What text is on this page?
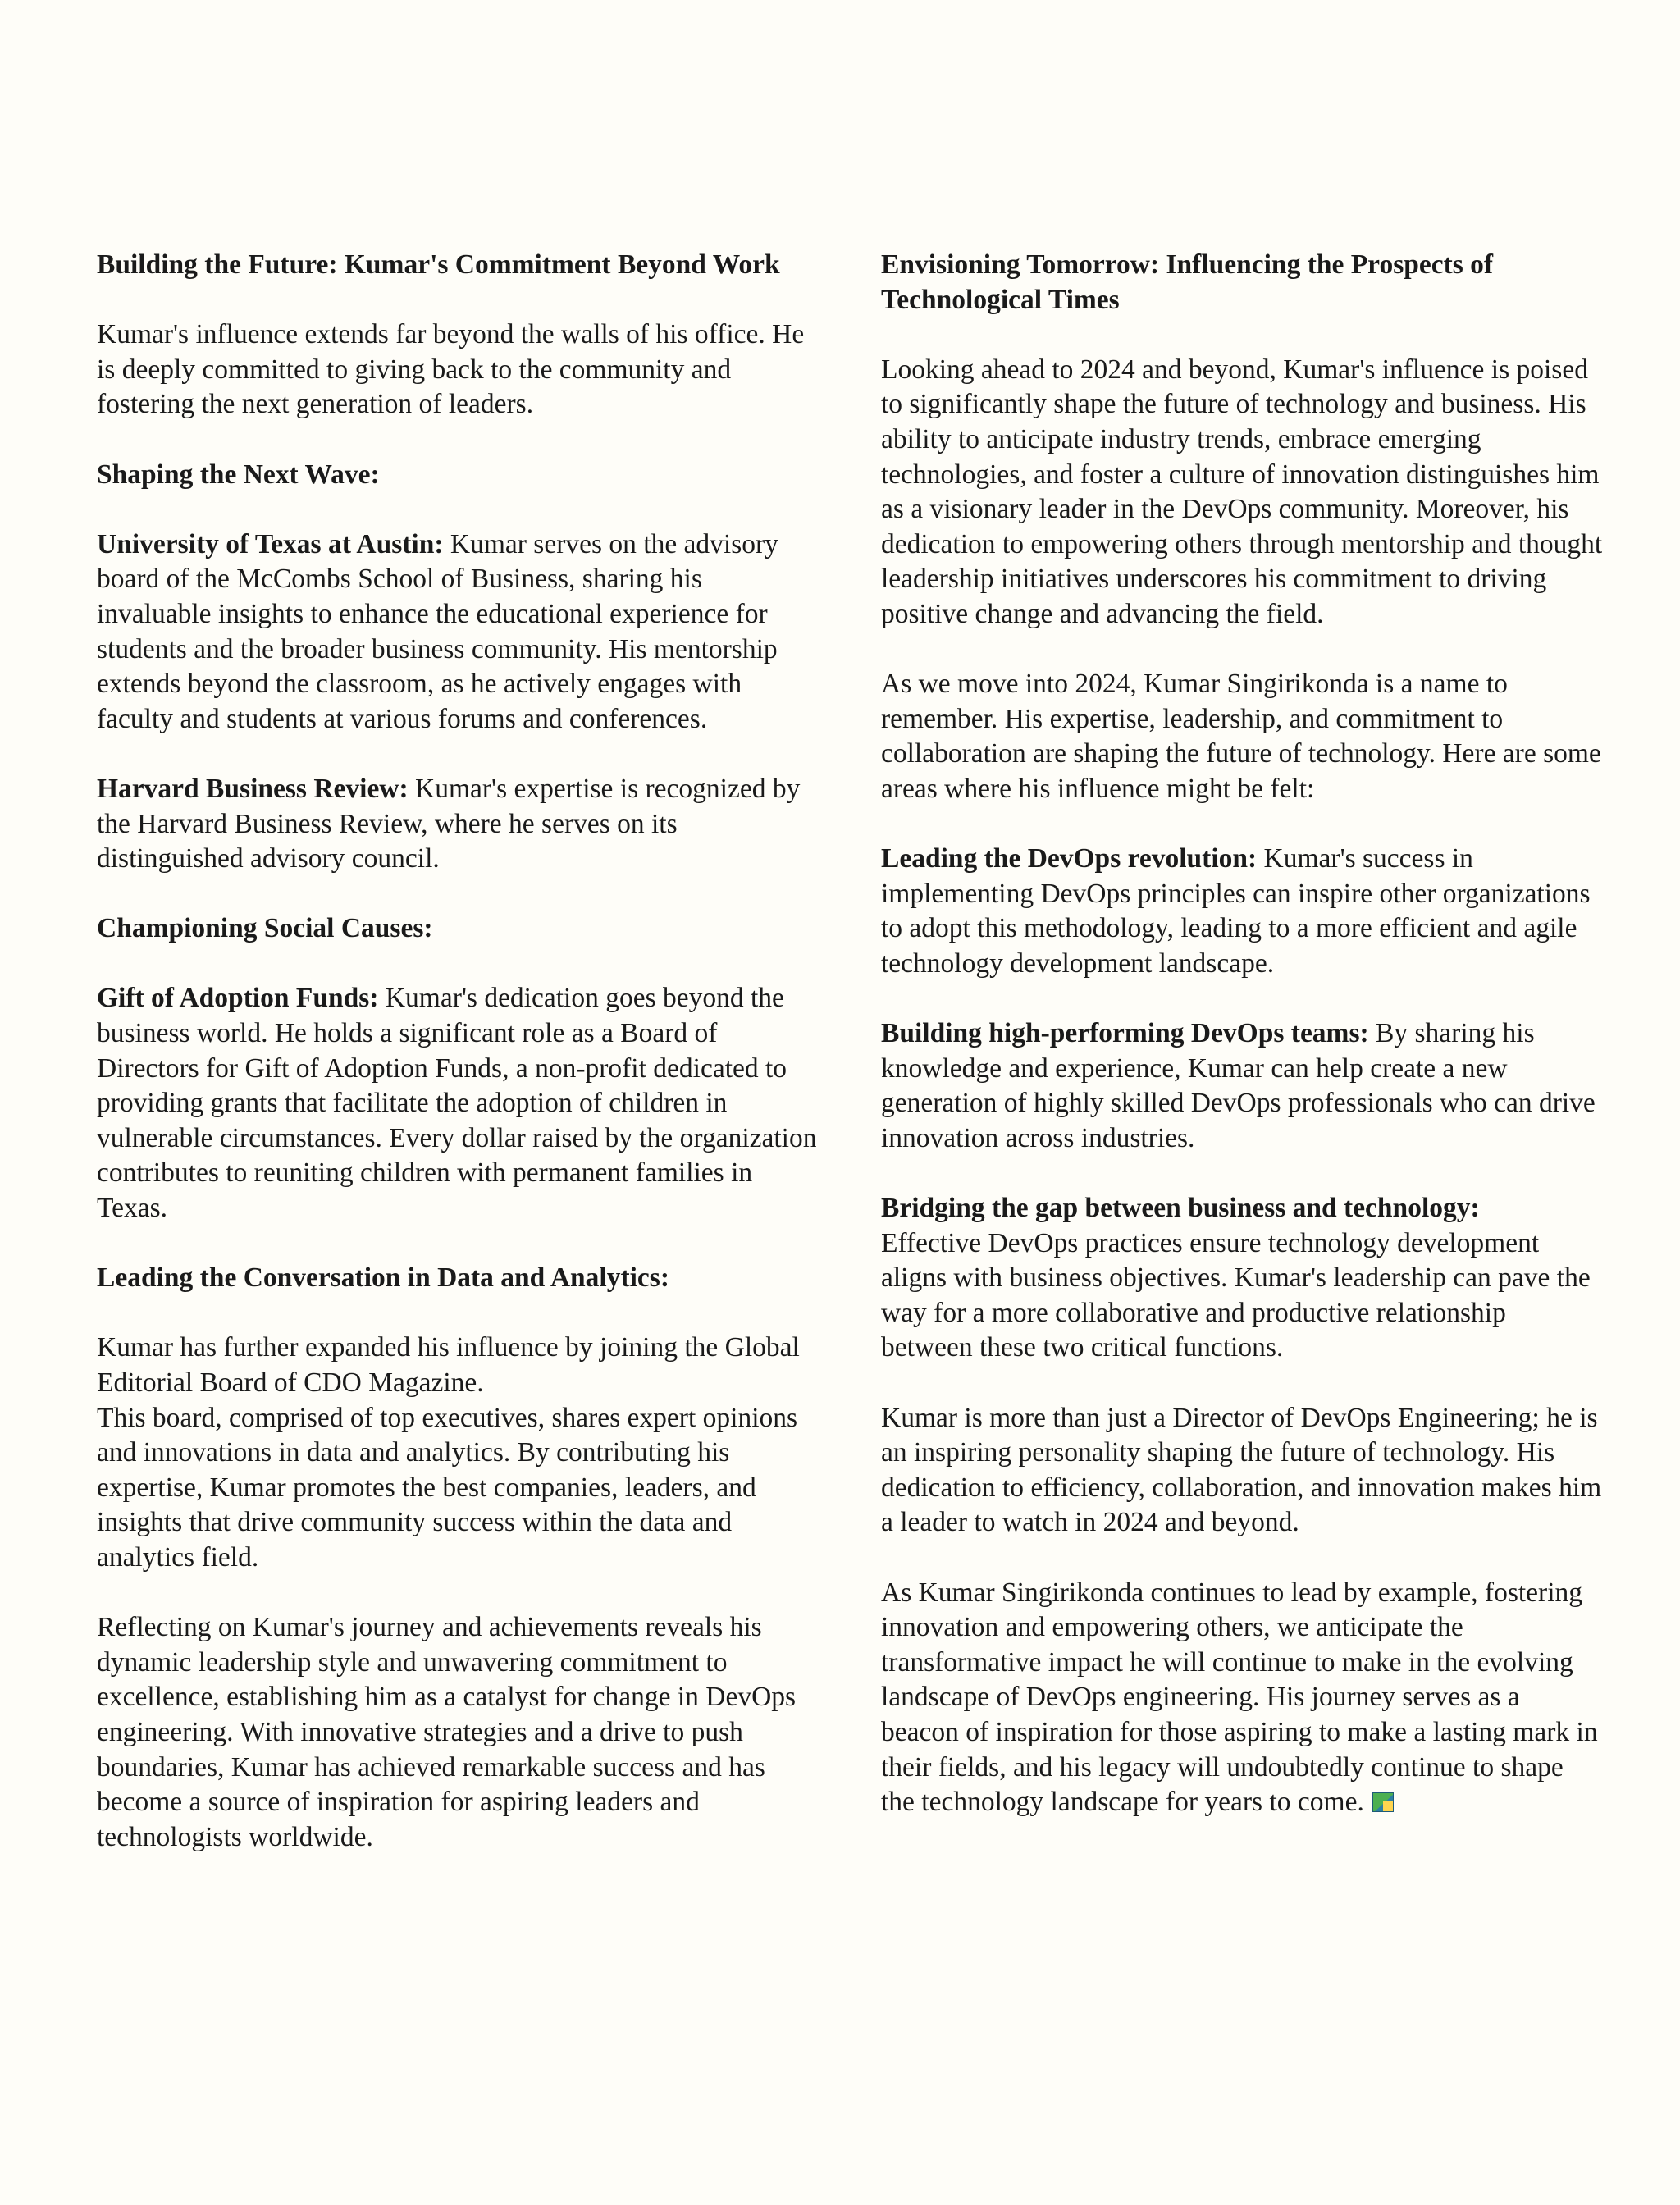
Building the Future: Kumar's Commitment Beyond Work
Kumar's influence extends far beyond the walls of his office. He is deeply committed to giving back to the community and fostering the next generation of leaders.
Shaping the Next Wave:
University of Texas at Austin: Kumar serves on the advisory board of the McCombs School of Business, sharing his invaluable insights to enhance the educational experience for students and the broader business community. His mentorship extends beyond the classroom, as he actively engages with faculty and students at various forums and conferences.
Harvard Business Review: Kumar's expertise is recognized by the Harvard Business Review, where he serves on its distinguished advisory council.
Championing Social Causes:
Gift of Adoption Funds: Kumar's dedication goes beyond the business world. He holds a significant role as a Board of Directors for Gift of Adoption Funds, a non-profit dedicated to providing grants that facilitate the adoption of children in vulnerable circumstances. Every dollar raised by the organization contributes to reuniting children with permanent families in Texas.
Leading the Conversation in Data and Analytics:
Kumar has further expanded his influence by joining the Global Editorial Board of CDO Magazine.
This board, comprised of top executives, shares expert opinions and innovations in data and analytics. By contributing his expertise, Kumar promotes the best companies, leaders, and insights that drive community success within the data and analytics field.
Reflecting on Kumar's journey and achievements reveals his dynamic leadership style and unwavering commitment to excellence, establishing him as a catalyst for change in DevOps engineering. With innovative strategies and a drive to push boundaries, Kumar has achieved remarkable success and has become a source of inspiration for aspiring leaders and technologists worldwide.
Envisioning Tomorrow: Influencing the Prospects of Technological Times
Looking ahead to 2024 and beyond, Kumar's influence is poised to significantly shape the future of technology and business. His ability to anticipate industry trends, embrace emerging technologies, and foster a culture of innovation distinguishes him as a visionary leader in the DevOps community. Moreover, his dedication to empowering others through mentorship and thought leadership initiatives underscores his commitment to driving positive change and advancing the field.
As we move into 2024, Kumar Singirikonda is a name to remember. His expertise, leadership, and commitment to collaboration are shaping the future of technology. Here are some areas where his influence might be felt:
Leading the DevOps revolution: Kumar's success in implementing DevOps principles can inspire other organizations to adopt this methodology, leading to a more efficient and agile technology development landscape.
Building high-performing DevOps teams: By sharing his knowledge and experience, Kumar can help create a new generation of highly skilled DevOps professionals who can drive innovation across industries.
Bridging the gap between business and technology:
Effective DevOps practices ensure technology development aligns with business objectives. Kumar's leadership can pave the way for a more collaborative and productive relationship between these two critical functions.
Kumar is more than just a Director of DevOps Engineering; he is an inspiring personality shaping the future of technology. His dedication to efficiency, collaboration, and innovation makes him a leader to watch in 2024 and beyond.
As Kumar Singirikonda continues to lead by example, fostering innovation and empowering others, we anticipate the transformative impact he will continue to make in the evolving landscape of DevOps engineering. His journey serves as a beacon of inspiration for those aspiring to make a lasting mark in their fields, and his legacy will undoubtedly continue to shape the technology landscape for years to come.
